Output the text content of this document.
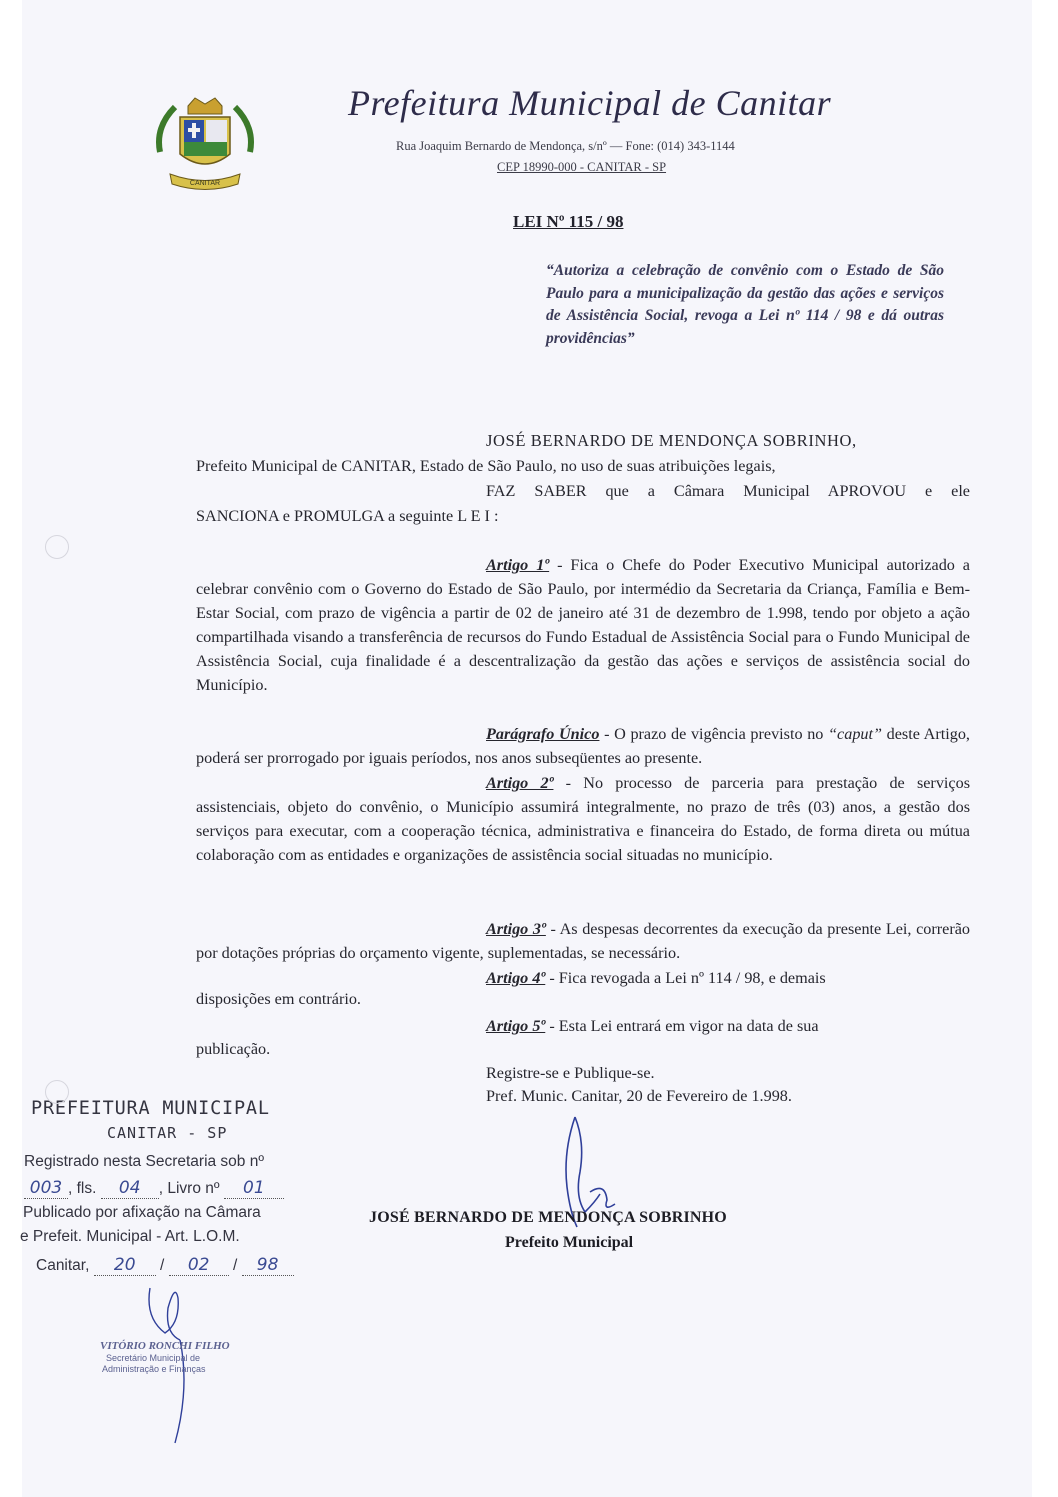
CANITAR
Prefeitura Municipal de Canitar
Rua Joaquim Bernardo de Mendonça, s/nº — Fone: (014) 343-1144
CEP 18990-000 - CANITAR - SP
LEI Nº 115 / 98
“Autoriza a celebração de convênio com o Estado de São Paulo para a municipalização da gestão das ações e serviços de Assistência Social, revoga a Lei nº 114 / 98 e dá outras providências”
JOSÉ BERNARDO DE MENDONÇA SOBRINHO,
Prefeito Municipal de CANITAR, Estado de São Paulo, no uso de suas atribuições legais,
FAZ SABER que a Câmara Municipal APROVOU e ele
SANCIONA e PROMULGA a seguinte L E I :
Artigo 1º - Fica o Chefe do Poder Executivo Municipal autorizado a celebrar convênio com o Governo do Estado de São Paulo, por intermédio da Secretaria da Criança, Família e Bem-Estar Social, com prazo de vigência a partir de 02 de janeiro até 31 de dezembro de 1.998, tendo por objeto a ação compartilhada visando a transferência de recursos do Fundo Estadual de Assistência Social para o Fundo Municipal de Assistência Social, cuja finalidade é a descentralização da gestão das ações e serviços de assistência social do Município.
Parágrafo Único - O prazo de vigência previsto no “caput” deste Artigo, poderá ser prorrogado por iguais períodos, nos anos subseqüentes ao presente.
Artigo 2º - No processo de parceria para prestação de serviços assistenciais, objeto do convênio, o Município assumirá integralmente, no prazo de três (03) anos, a gestão dos serviços para executar, com a cooperação técnica, administrativa e financeira do Estado, de forma direta ou mútua colaboração com as entidades e organizações de assistência social situadas no município.
Artigo 3º - As despesas decorrentes da execução da presente Lei, correrão por dotações próprias do orçamento vigente, suplementadas, se necessário.
Artigo 4º - Fica revogada a Lei nº 114 / 98, e demais
disposições em contrário.
Artigo 5º - Esta Lei entrará em vigor na data de sua
publicação.
Registre-se e Publique-se.
Pref. Munic. Canitar, 20 de Fevereiro de 1.998.
JOSÉ BERNARDO DE MENDONÇA SOBRINHO
Prefeito Municipal
PREFEITURA MUNICIPAL
CANITAR - SP
Registrado nesta Secretaria sob nº
003 , fls. 04 , Livro nº 01
Publicado por afixação na Câmara
e Prefeit. Municipal - Art. L.O.M.
Canitar, 20 / 02 / 98
VITÓRIO RONCHI FILHO
Secretário Municipal de
Administração e Finanças
